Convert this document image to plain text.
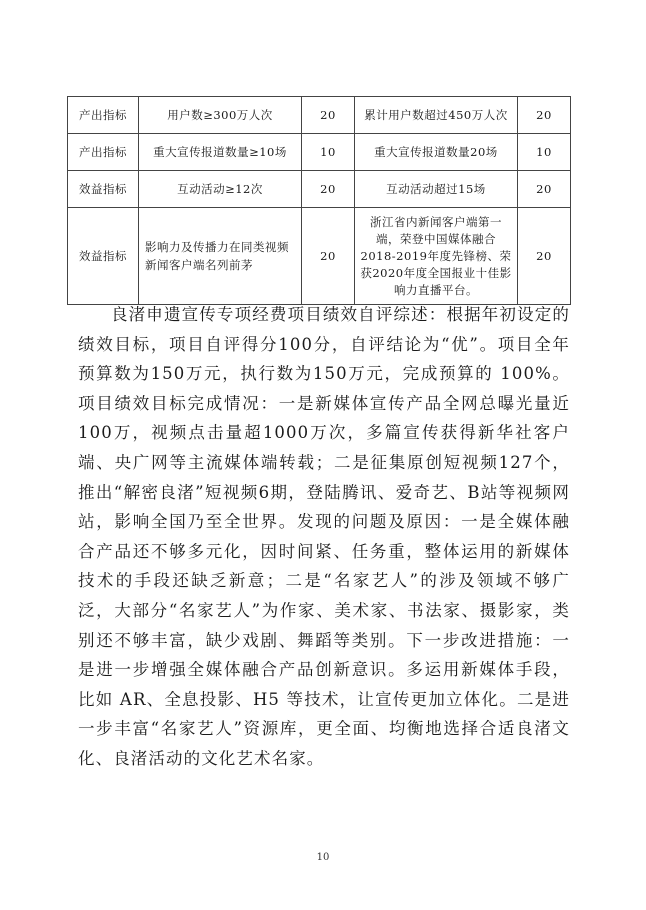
产出指标	用户数≥300万人次	20	累计用户数超过450万人次	20
产出指标	重大宣传报道数量≥10场	10	重大宣传报道数量20场	10
效益指标	互动活动≥12次	20	互动活动超过15场	20
效益指标	影响力及传播力在同类视频新闻客户端名列前茅	20	浙江省内新闻客户端第一端，荣登中国媒体融合2018-2019年度先锋榜、荣获2020年度全国报业十佳影响力直播平台。	20

良渚申遗宣传专项经费项目绩效自评综述：根据年初设定的绩效目标，项目自评得分100分，自评结论为“优”。项目全年预算数为150万元，执行数为150万元，完成预算的 100%。项目绩效目标完成情况：一是新媒体宣传产品全网总曝光量近100万，视频点击量超1000万次，多篇宣传获得新华社客户端、央广网等主流媒体端转载；二是征集原创短视频127个，推出“解密良渚”短视频6期，登陆腾讯、爱奇艺、B站等视频网站，影响全国乃至全世界。发现的问题及原因：一是全媒体融合产品还不够多元化，因时间紧、任务重，整体运用的新媒体技术的手段还缺乏新意；二是“名家艺人”的涉及领域不够广泛，大部分“名家艺人”为作家、美术家、书法家、摄影家，类别还不够丰富，缺少戏剧、舞蹈等类别。下一步改进措施：一是进一步增强全媒体融合产品创新意识。多运用新媒体手段，比如 AR、全息投影、H5 等技术，让宣传更加立体化。二是进一步丰富“名家艺人”资源库，更全面、均衡地选择合适良渚文化、良渚活动的文化艺术名家。

10
